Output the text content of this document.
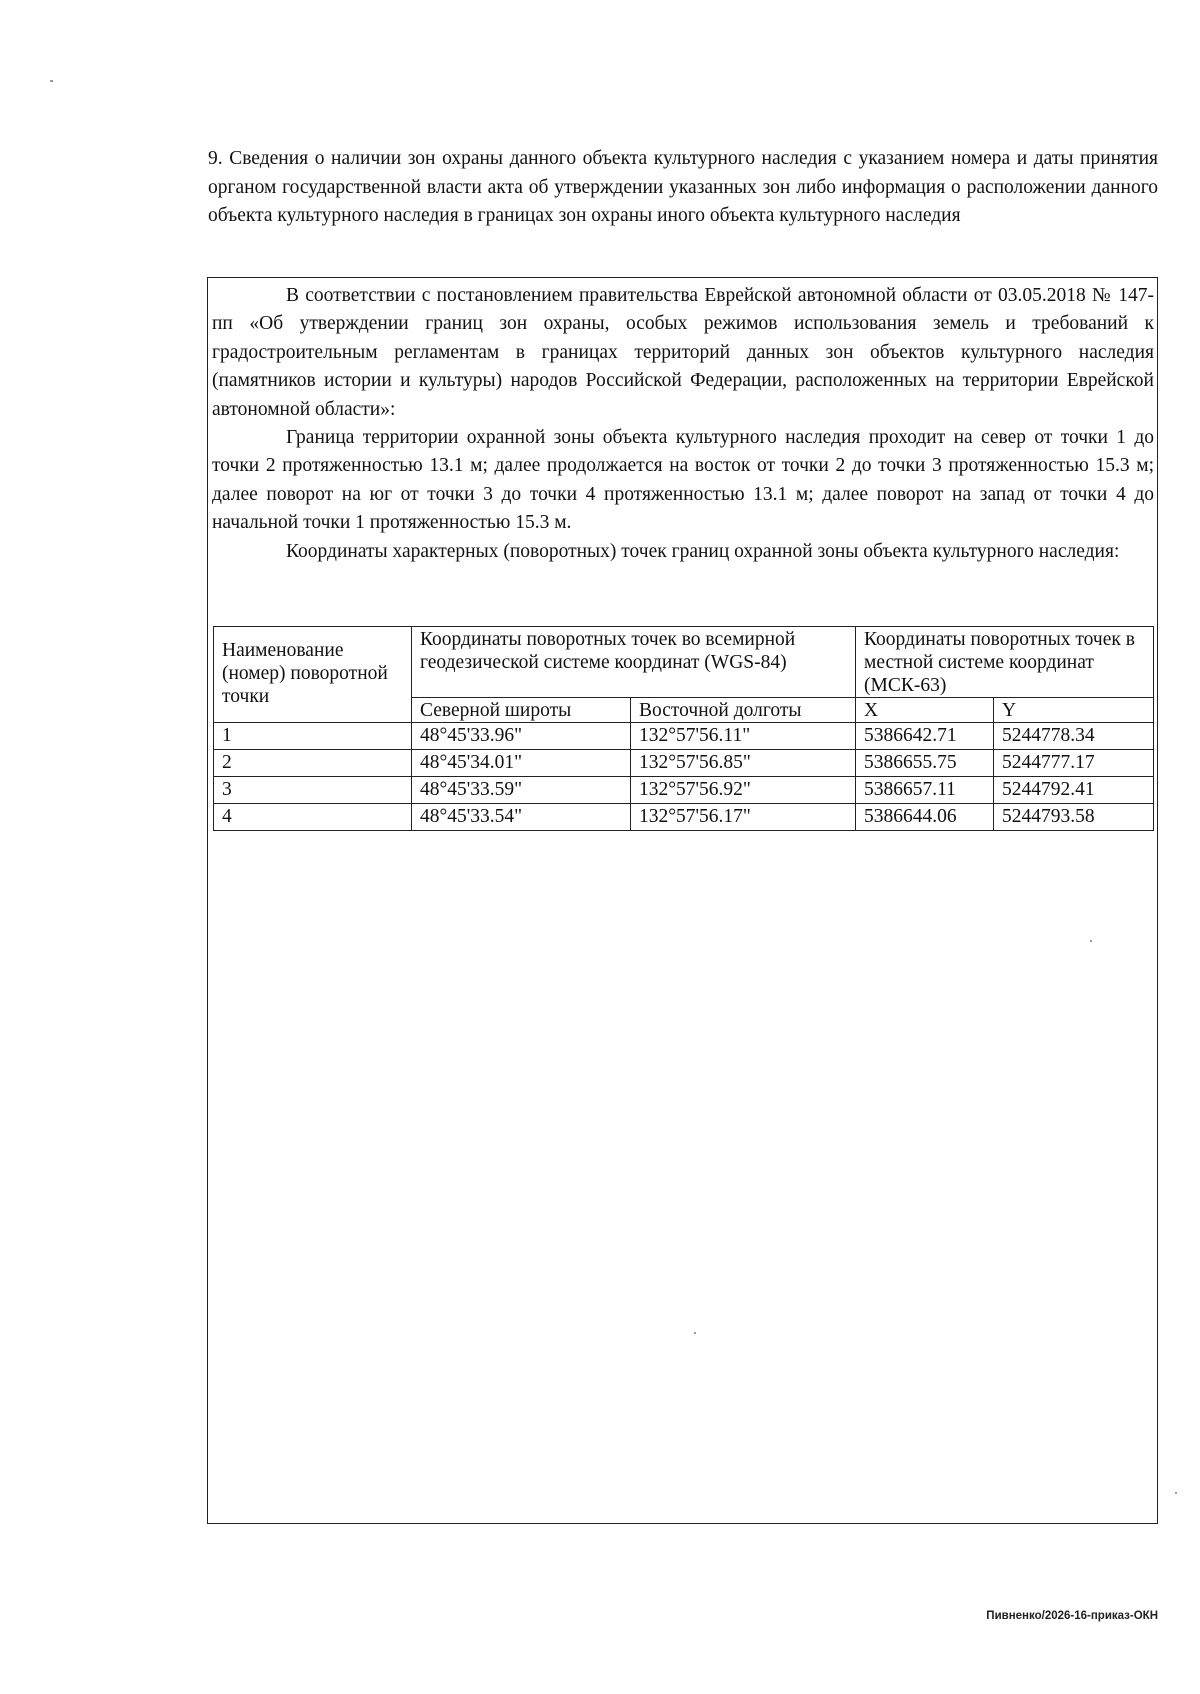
9. Сведения о наличии зон охраны данного объекта культурного наследия с указанием номера и даты принятия органом государственной власти акта об утверждении указанных зон либо информация о расположении данного объекта культурного наследия в границах зон охраны иного объекта культурного наследия

В соответствии с постановлением правительства Еврейской автономной области от 03.05.2018 № 147-пп «Об утверждении границ зон охраны, особых режимов использования земель и требований к градостроительным регламентам в границах территорий данных зон объектов культурного наследия (памятников истории и культуры) народов Российской Федерации, расположенных на территории Еврейской автономной области»:

Граница территории охранной зоны объекта культурного наследия проходит на север от точки 1 до точки 2 протяженностью 13.1 м; далее продолжается на восток от точки 2 до точки 3 протяженностью 15.3 м; далее поворот на юг от точки 3 до точки 4 протяженностью 13.1 м; далее поворот на запад от точки 4 до начальной точки 1 протяженностью 15.3 м.

Координаты характерных (поворотных) точек границ охранной зоны объекта культурного наследия:

Наименование (номер) поворотной точки	Координаты поворотных точек во всемирной геодезической системе координат (WGS-84)		Координаты поворотных точек в местной системе координат (МСК-63)	
	Северной широты	Восточной долготы	X	Y
1	48°45'33.96"	132°57'56.11"	5386642.71	5244778.34
2	48°45'34.01"	132°57'56.85"	5386655.75	5244777.17
3	48°45'33.59"	132°57'56.92"	5386657.11	5244792.41
4	48°45'33.54"	132°57'56.17"	5386644.06	5244793.58
Пивненко/2026-16-приказ-ОКН
